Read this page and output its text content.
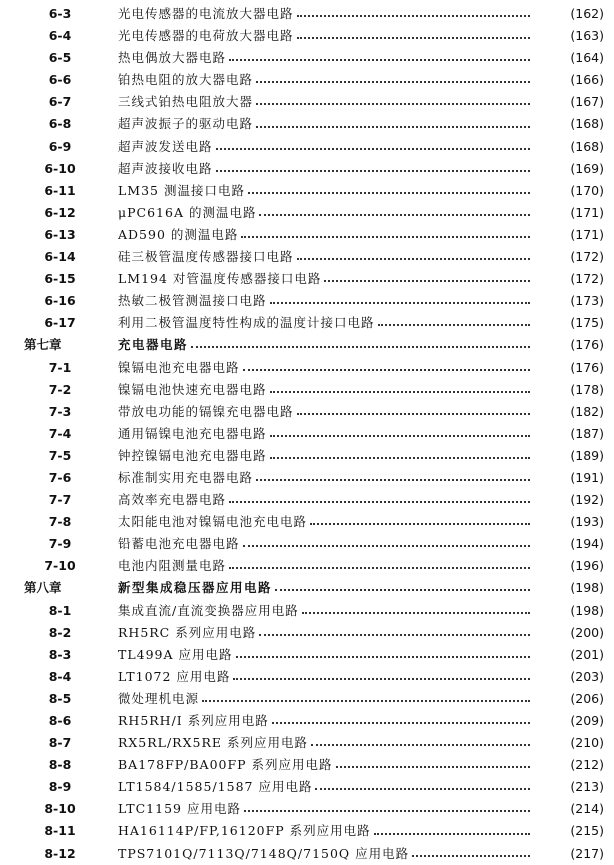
6-3	光电传感器的电流放大器电路	(162)
6-4	光电传感器的电荷放大器电路	(163)
6-5	热电偶放大器电路	(164)
6-6	铂热电阻的放大器电路	(166)
6-7	三线式铂热电阻放大器	(167)
6-8	超声波振子的驱动电路	(168)
6-9	超声波发送电路	(168)
6-10	超声波接收电路	(169)
6-11	LM35 测温接口电路	(170)
6-12	μPC616A 的测温电路	(171)
6-13	AD590 的测温电路	(171)
6-14	硅三极管温度传感器接口电路	(172)
6-15	LM194 对管温度传感器接口电路	(172)
6-16	热敏二极管测温接口电路	(173)
6-17	利用二极管温度特性构成的温度计接口电路	(175)
第七章	充电器电路	(176)
7-1	镍镉电池充电器电路	(176)
7-2	镍镉电池快速充电器电路	(178)
7-3	带放电功能的镉镍充电器电路	(182)
7-4	通用镉镍电池充电器电路	(187)
7-5	钟控镍镉电池充电器电路	(189)
7-6	标准制实用充电器电路	(191)
7-7	高效率充电器电路	(192)
7-8	太阳能电池对镍镉电池充电电路	(193)
7-9	铅蓄电池充电器电路	(194)
7-10	电池内阻测量电路	(196)
第八章	新型集成稳压器应用电路	(198)
8-1	集成直流/直流变换器应用电路	(198)
8-2	RH5RC 系列应用电路	(200)
8-3	TL499A 应用电路	(201)
8-4	LT1072 应用电路	(203)
8-5	微处理机电源	(206)
8-6	RH5RH/I 系列应用电路	(209)
8-7	RX5RL/RX5RE 系列应用电路	(210)
8-8	BA178FP/BA00FP 系列应用电路	(212)
8-9	LT1584/1585/1587 应用电路	(213)
8-10	LTC1159 应用电路	(214)
8-11	HA16114P/FP,16120FP 系列应用电路	(215)
8-12	TPS7101Q/7113Q/7148Q/7150Q 应用电路	(217)
